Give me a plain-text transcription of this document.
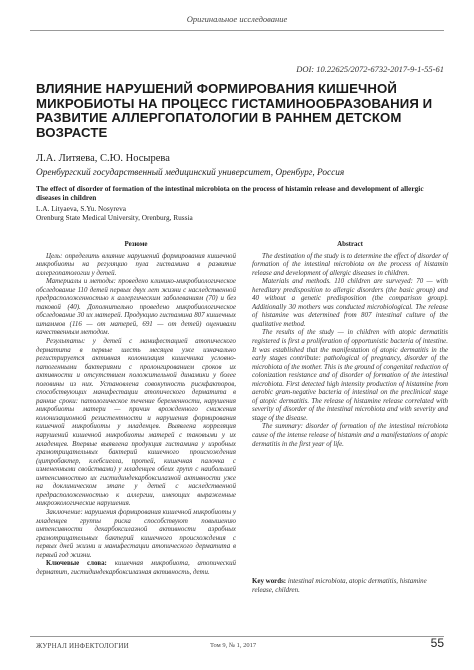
Оригинальное исследование
DOI: 10.22625/2072-6732-2017-9-1-55-61
ВЛИЯНИЕ НАРУШЕНИЙ ФОРМИРОВАНИЯ КИШЕЧНОЙ МИКРОБИОТЫ НА ПРОЦЕСС ГИСТАМИНООБРАЗОВАНИЯ И РАЗВИТИЕ АЛЛЕРГОПАТОЛОГИИ В РАННЕМ ДЕТСКОМ ВОЗРАСТЕ
Л.А. Литяева, С.Ю. Носырева
Оренбургский государственный медицинский университет, Оренбург, Россия
The effect of disorder of formation of the intestinal microbiota on the process of histamin release and development of allergic diseases in children
L.A. Lityaeva, S.Yu. Nosyreva
Orenburg State Medical University, Orenburg, Russia
Резюме

Цель: определить влияние нарушений формирования кишечной микробиоты на регуляцию пула гистамина в развитие аллергопатологии у детей.

Материалы и методы: проведено клинико-микробиологическое обследование 110 детей первых двух лет жизни с наследственной предрасположенностью к аллергическим заболеваниям (70) и без таковой (40). Дополнительно проведено микробиологическое обследование 30 их матерей. Продукцию гистамина 807 кишечных штаммов (116 — от матерей, 691 — от детей) оценивали качественным методом.

Результаты: у детей с манифестацией атопического дерматита в первые шесть месяцев уже изначально регистрируется активная колонизация кишечника условно-патогенными бактериями с пролонгированием сроков их активности и отсутствием положительной динамики у более половины из них. Установлена совокупность рискфакторов, способствующих манифестации атопического дерматита в ранние сроки: патологическое течение беременности, нарушения микробиоты матери — причин врожденного снижения колонизационной резистентности и нарушения формирования кишечной микробиоты у младенцев. Выявлена корреляция нарушений кишечной микробиоты матерей с таковыми у их младенцев. Впервые выявлена продукция гистамина у изробных грамотрицательных бактерий кишечного происхождения (цитробактер, клебсиелла, протей, кишечная палочка с измененными свойствами) у младенцев обеих групп с наибольшей интенсивностью их гистидиндекарбоксилазной активности уже на доклиническом этапе у детей с наследственной предрасположенностью к аллергии, имеющих выраженные микроэкологические нарушения.

Заключение: нарушения формирования кишечной микробиоты у младенцев группы риска способствуют повышению интенсивности декарбоксилазной активности аэробных грамотрицательных бактерий кишечного происхождения с первых дней жизни и манифестации атопического дерматита в первый год жизни.

Ключевые слова: кишечная микробиота, атопический дерматит, гистидиндекарбоксилазная активность, дети.

Abstract

The destination of the study is to determine the effect of disorder of formation of the intestinal microbiota on the process of histamin release and development of allergic diseases in children.

Materials and methods. 110 children are surveyed: 70 — with hereditary predisposition to allergic disorders (the basic group) and 40 without a genetic predisposition (the comparison group). Additionally 30 mothers was conducted microbiological. The release of histamine was determined from 807 intestinal culture of the qualitative method.

The results of the study — in children with atopic dermatitis registered is first a proliferation of opportunistic bacteria of intestine. It was established that the manifestation of atopic dermatitis in the early stages contribute: pathological of pregnancy, disorder of the microbiota of the mother. This is the ground of congenital reduction of colonization resistance and of disorder of formation of the intestinal microbiota. First detected high intensity production of histamine from aerobic gram-negative bacteria of intestinal on the preclinical stage of atopic dermatitis. The release of histamine release correlated with severity of disorder of the intestinal microbiota and with severity and stage of the disease.

The summary: disorder of formation of the intestinal microbiota cause of the intense release of histamin and a manifestations of atopic dermatitis in the first year of life.

Key words: intestinal microbiota, atopic dermatitis, histamine release, children.
ЖУРНАЛ ИНФЕКТОЛОГИИ	Том 9, № 1, 2017	55
